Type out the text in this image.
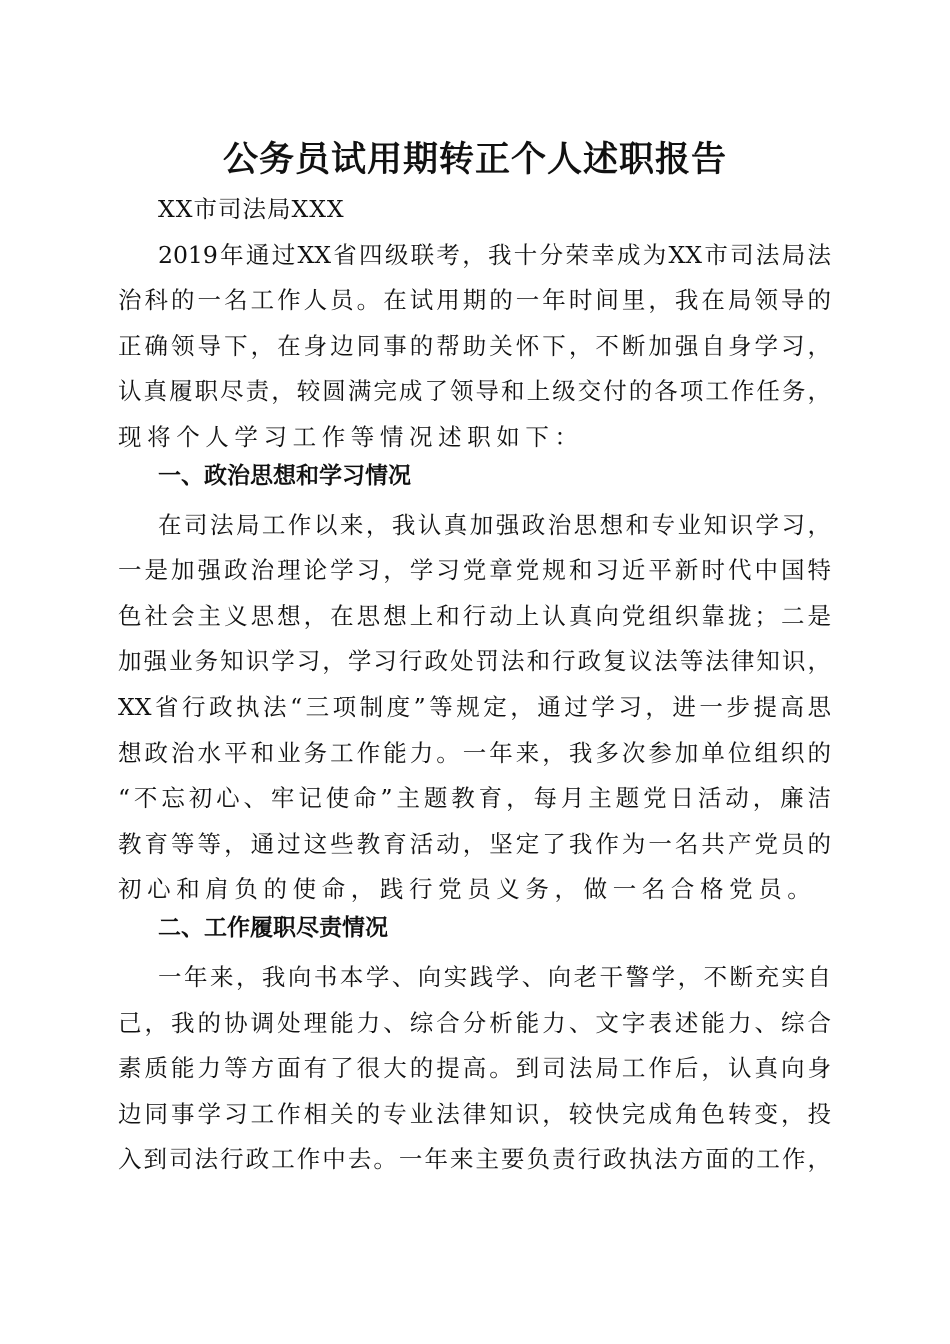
公务员试用期转正个人述职报告
XX市司法局XXX
2019年通过XX省四级联考，我十分荣幸成为XX市司法局法
治科的一名工作人员。在试用期的一年时间里，我在局领导的
正确领导下，在身边同事的帮助关怀下，不断加强自身学习，
认真履职尽责，较圆满完成了领导和上级交付的各项工作任务，
现将个人学习工作等情况述职如下：
一、政治思想和学习情况
在司法局工作以来，我认真加强政治思想和专业知识学习，
一是加强政治理论学习，学习党章党规和习近平新时代中国特
色社会主义思想，在思想上和行动上认真向党组织靠拢；二是
加强业务知识学习，学习行政处罚法和行政复议法等法律知识，
XX省行政执法“三项制度”等规定，通过学习，进一步提高思
想政治水平和业务工作能力。一年来，我多次参加单位组织的
“不忘初心、牢记使命”主题教育，每月主题党日活动，廉洁
教育等等，通过这些教育活动，坚定了我作为一名共产党员的
初心和肩负的使命，践行党员义务，做一名合格党员。
二、工作履职尽责情况
一年来，我向书本学、向实践学、向老干警学，不断充实自
己，我的协调处理能力、综合分析能力、文字表述能力、综合
素质能力等方面有了很大的提高。到司法局工作后，认真向身
边同事学习工作相关的专业法律知识，较快完成角色转变，投
入到司法行政工作中去。一年来主要负责行政执法方面的工作，
